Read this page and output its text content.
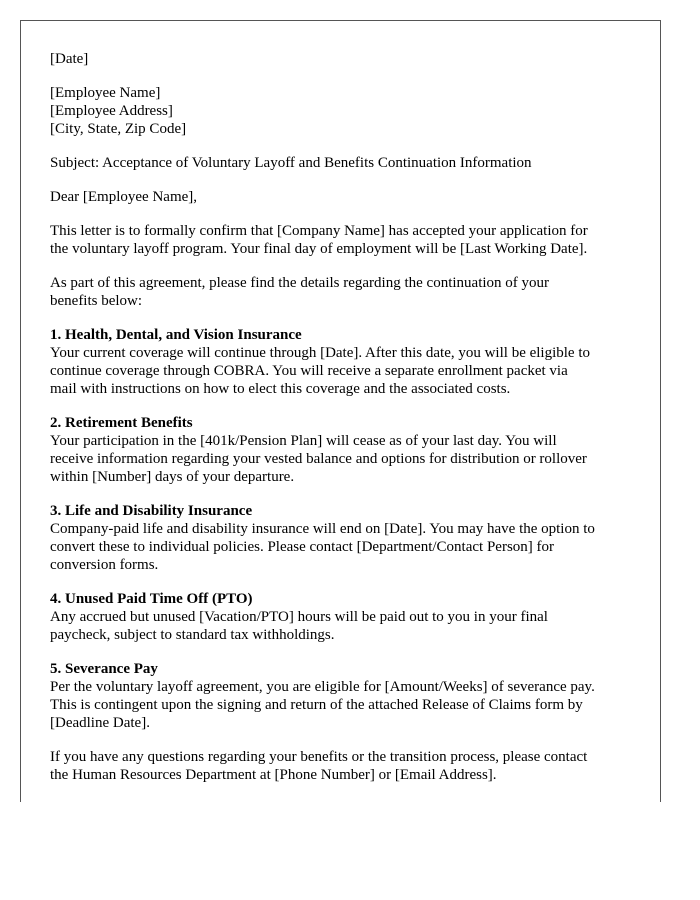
[Date]
[Employee Name]
[Employee Address]
[City, State, Zip Code]
Subject: Acceptance of Voluntary Layoff and Benefits Continuation Information
Dear [Employee Name],
This letter is to formally confirm that [Company Name] has accepted your application for
the voluntary layoff program. Your final day of employment will be [Last Working Date].
As part of this agreement, please find the details regarding the continuation of your
benefits below:
1. Health, Dental, and Vision Insurance
Your current coverage will continue through [Date]. After this date, you will be eligible to
continue coverage through COBRA. You will receive a separate enrollment packet via
mail with instructions on how to elect this coverage and the associated costs.
2. Retirement Benefits
Your participation in the [401k/Pension Plan] will cease as of your last day. You will
receive information regarding your vested balance and options for distribution or rollover
within [Number] days of your departure.
3. Life and Disability Insurance
Company-paid life and disability insurance will end on [Date]. You may have the option to
convert these to individual policies. Please contact [Department/Contact Person] for
conversion forms.
4. Unused Paid Time Off (PTO)
Any accrued but unused [Vacation/PTO] hours will be paid out to you in your final
paycheck, subject to standard tax withholdings.
5. Severance Pay
Per the voluntary layoff agreement, you are eligible for [Amount/Weeks] of severance pay.
This is contingent upon the signing and return of the attached Release of Claims form by
[Deadline Date].
If you have any questions regarding your benefits or the transition process, please contact
the Human Resources Department at [Phone Number] or [Email Address].
